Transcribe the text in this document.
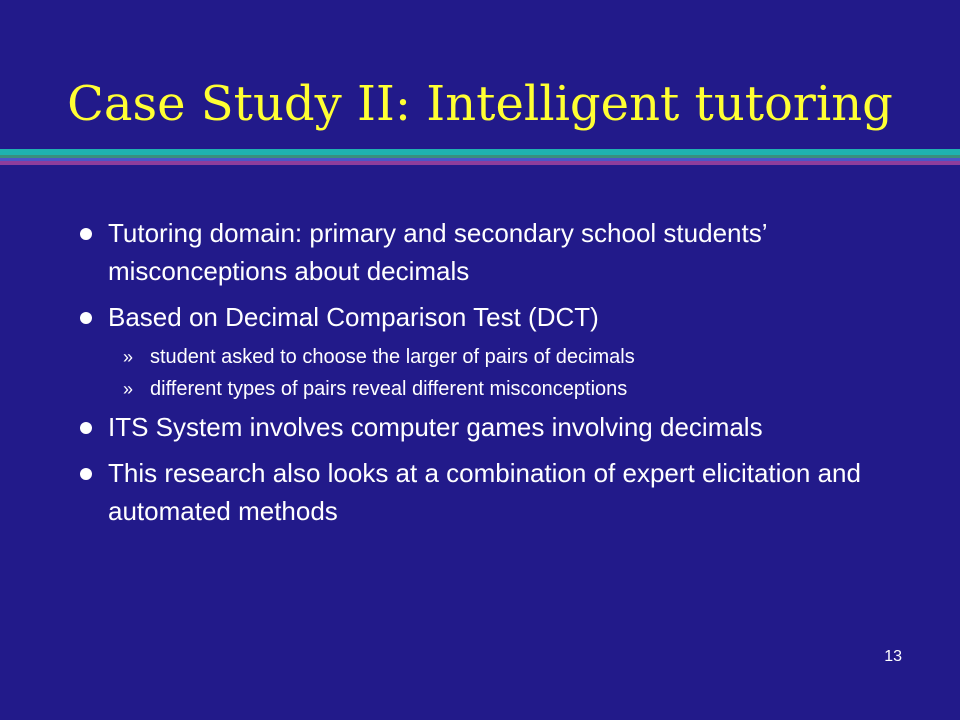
Case Study II: Intelligent tutoring
Tutoring domain: primary and secondary school students’ misconceptions about decimals
Based on Decimal Comparison Test (DCT)
» student asked to choose the larger of pairs of decimals
» different types of pairs reveal different misconceptions
ITS System involves computer games involving decimals
This research also looks at a combination of expert elicitation and automated methods
13
